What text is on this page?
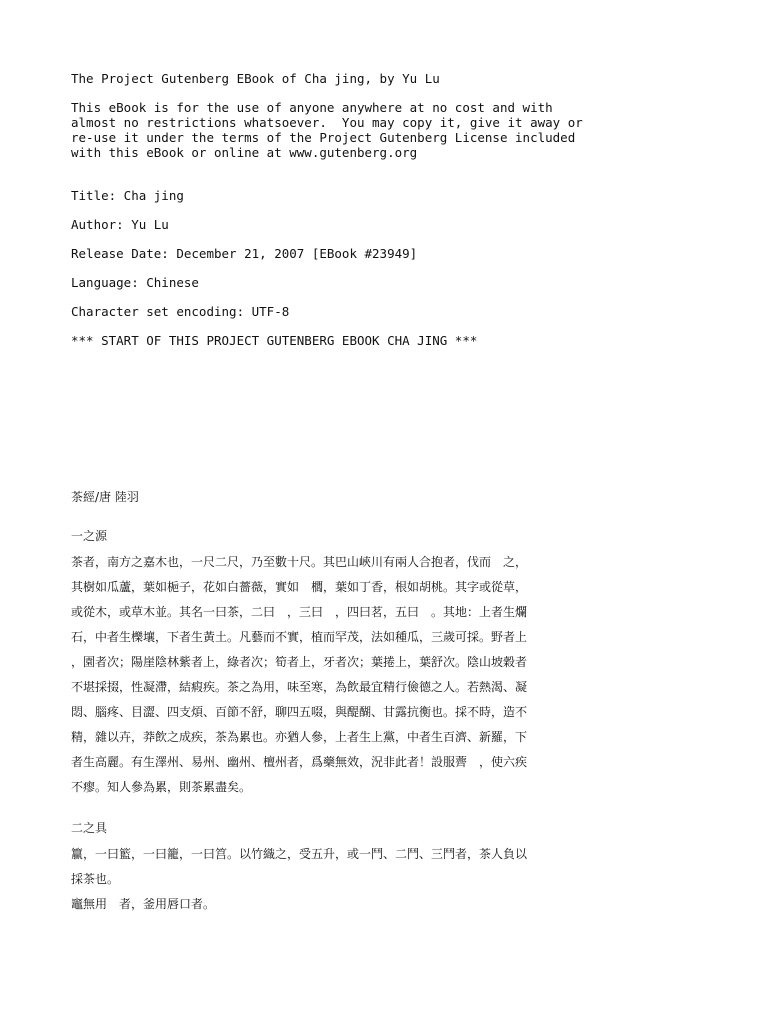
The Project Gutenberg EBook of Cha jing, by Yu Lu

This eBook is for the use of anyone anywhere at no cost and with

almost no restrictions whatsoever.  You may copy it, give it away or

re-use it under the terms of the Project Gutenberg License included

with this eBook or online at www.gutenberg.org

Title: Cha jing

Author: Yu Lu

Release Date: December 21, 2007 [EBook #23949]

Language: Chinese

Character set encoding: UTF-8

*** START OF THIS PROJECT GUTENBERG EBOOK CHA JING ***

茶經/唐 陸羽

一之源

茶者，南方之嘉木也，一尺二尺，乃至數十尺。其巴山峽川有兩人合抱者，伐而　之，

其樹如瓜蘆，葉如梔子，花如白薔薇，實如　櫚，葉如丁香，根如胡桃。其字或從草，

或從木，或草木並。其名一曰茶，二曰　，三曰　，四曰茗，五曰　。其地：上者生爛

石，中者生櫟壤，下者生黃土。凡藝而不實，植而罕茂，法如種瓜，三歲可採。野者上

，園者次；陽崖陰林紫者上，綠者次；筍者上，牙者次；葉捲上，葉舒次。陰山坡穀者

不堪採掇，性凝滯，結瘕疾。茶之為用，味至寒，為飲最宜精行儉德之人。若熱渴、凝

悶、腦疼、目澀、四支煩、百節不舒，聊四五啜，與醍醐、甘露抗衡也。採不時，造不

精，雜以卉，莽飲之成疾，茶為累也。亦猶人參，上者生上黨，中者生百濟、新羅，下

者生高麗。有生澤州、易州、幽州、檀州者，爲藥無效，況非此者！設服薺　，使六疾

不瘳。知人參為累，則茶累盡矣。

二之具

籯，一曰籃，一曰籠，一曰筥。以竹織之，受五升，或一鬥、二鬥、三鬥者，茶人負以

採茶也。

竈無用　者，釜用唇口者。
